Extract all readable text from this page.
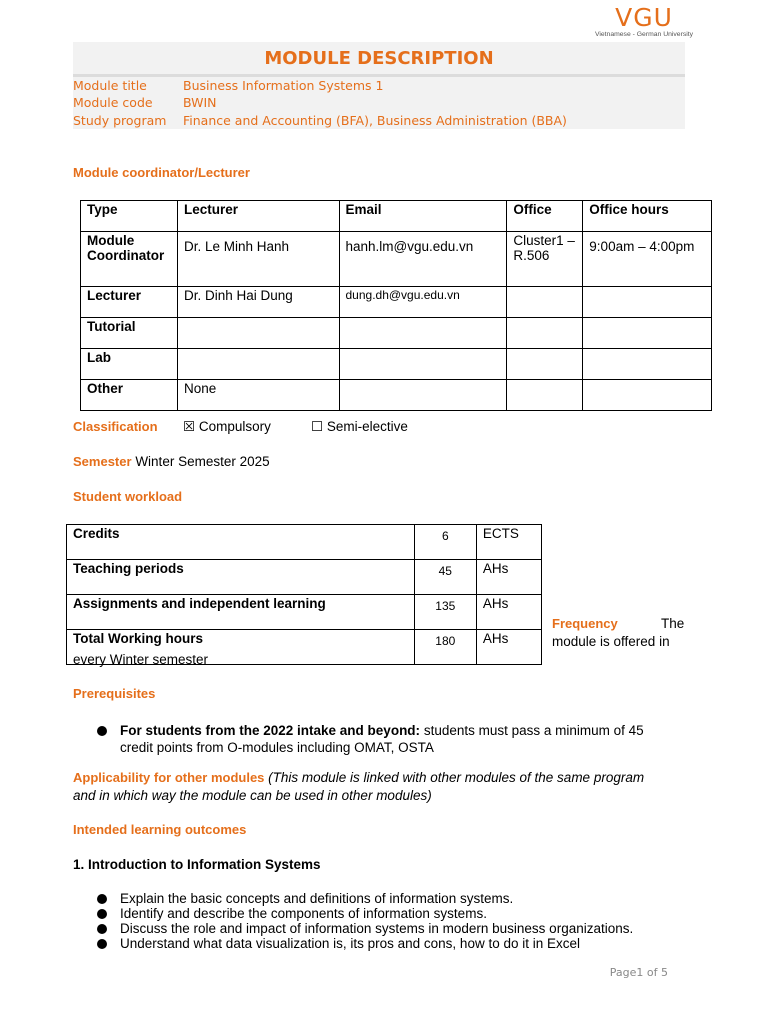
VGU
Vietnamese - German University
MODULE DESCRIPTION
Module title	Business Information Systems 1
Module code	BWIN
Study program	Finance and Accounting (BFA), Business Administration (BBA)
Module coordinator/Lecturer
Type	Lecturer	Email	Office	Office hours
Module Coordinator	Dr. Le Minh Hanh	hanh.lm@vgu.edu.vn	Cluster1 –R.506	9:00am – 4:00pm
Lecturer	Dr. Dinh Hai Dung	dung.dh@vgu.edu.vn		
Tutorial				
Lab				
Other	None			
Classification ☒ Compulsory	☐ Semi-elective
Semester Winter Semester 2025
Student workload
Credits	6	ECTS
Teaching periods	45	AHs
Assignments and independent learning	135	AHs
Total Working hours	180	AHs
Frequency	The
module is offered in
every Winter semester
Prerequisites
For students from the 2022 intake and beyond: students must pass a minimum of 45
credit points from O-modules including OMAT, OSTA
Applicability for other modules (This module is linked with other modules of the same program
and in which way the module can be used in other modules)
Intended learning outcomes
1. Introduction to Information Systems
Explain the basic concepts and definitions of information systems.
Identify and describe the components of information systems.
Discuss the role and impact of information systems in modern business organizations.
Understand what data visualization is, its pros and cons, how to do it in Excel
Page1 of 5
